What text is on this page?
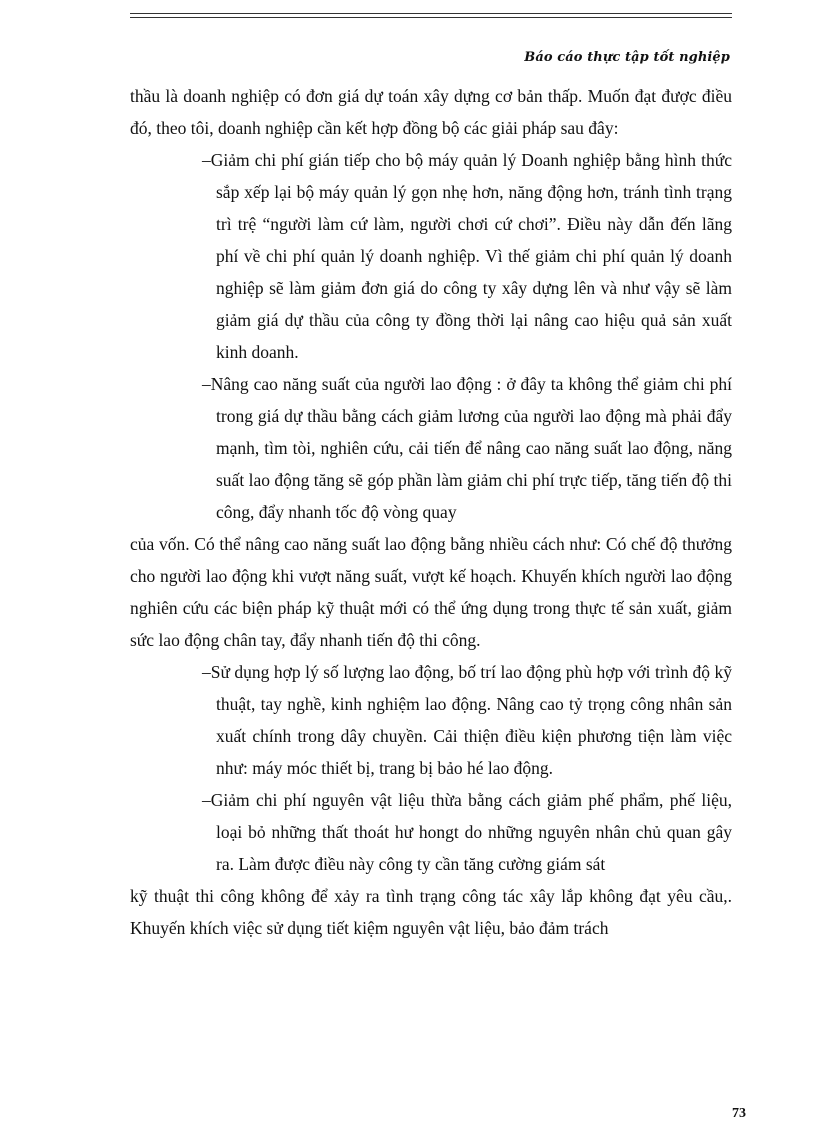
Báo cáo thực tập tốt nghiệp

thầu là doanh nghiệp có đơn giá dự toán xây dựng cơ bản thấp. Muốn đạt được điều đó, theo tôi, doanh nghiệp cần kết hợp đồng bộ các giải pháp sau đây:

–Giảm chi phí gián tiếp cho bộ máy quản lý Doanh nghiệp bằng hình thức sắp xếp lại bộ máy quản lý gọn nhẹ hơn, năng động hơn, tránh tình trạng trì trệ “người làm cứ làm, người chơi cứ chơi”. Điều này dẫn đến lãng phí về chi phí quản lý doanh nghiệp. Vì thế giảm chi phí quản lý doanh nghiệp sẽ làm giảm đơn giá do công ty xây dựng lên và như vậy sẽ làm giảm giá dự thầu của công ty đồng thời lại nâng cao hiệu quả sản xuất kinh doanh.

–Nâng cao năng suất của người lao động : ở đây ta không thể giảm chi phí trong giá dự thầu bằng cách giảm lương của người lao động mà phải đẩy mạnh, tìm tòi, nghiên cứu, cải tiến để nâng cao năng suất lao động, năng suất lao động tăng sẽ góp phần làm giảm chi phí trực tiếp, tăng tiến độ thi công, đẩy nhanh tốc độ vòng quay

của vốn. Có thể nâng cao năng suất lao động bằng nhiều cách như: Có chế độ thưởng cho người lao động khi vượt năng suất, vượt kế hoạch. Khuyến khích người lao động nghiên cứu các biện pháp kỹ thuật mới có thể ứng dụng trong thực tế sản xuất, giảm sức lao động chân tay, đẩy nhanh tiến độ thi công.

–Sử dụng hợp lý số lượng lao động, bố trí lao động phù hợp với trình độ kỹ thuật, tay nghề, kinh nghiệm lao động. Nâng cao tỷ trọng công nhân sản xuất chính trong dây chuyền. Cải thiện điều kiện phương tiện làm việc như: máy móc thiết bị, trang bị bảo hé lao động.

–Giảm chi phí nguyên vật liệu thừa bằng cách giảm phế phẩm, phế liệu, loại bỏ những thất thoát hư hongt do những nguyên nhân chủ quan gây ra. Làm được điều này công ty cần tăng cường giám sát

kỹ thuật thi công không để xảy ra tình trạng công tác xây lắp không đạt yêu cầu,. Khuyến khích việc sử dụng tiết kiệm nguyên vật liệu, bảo đảm trách

73
